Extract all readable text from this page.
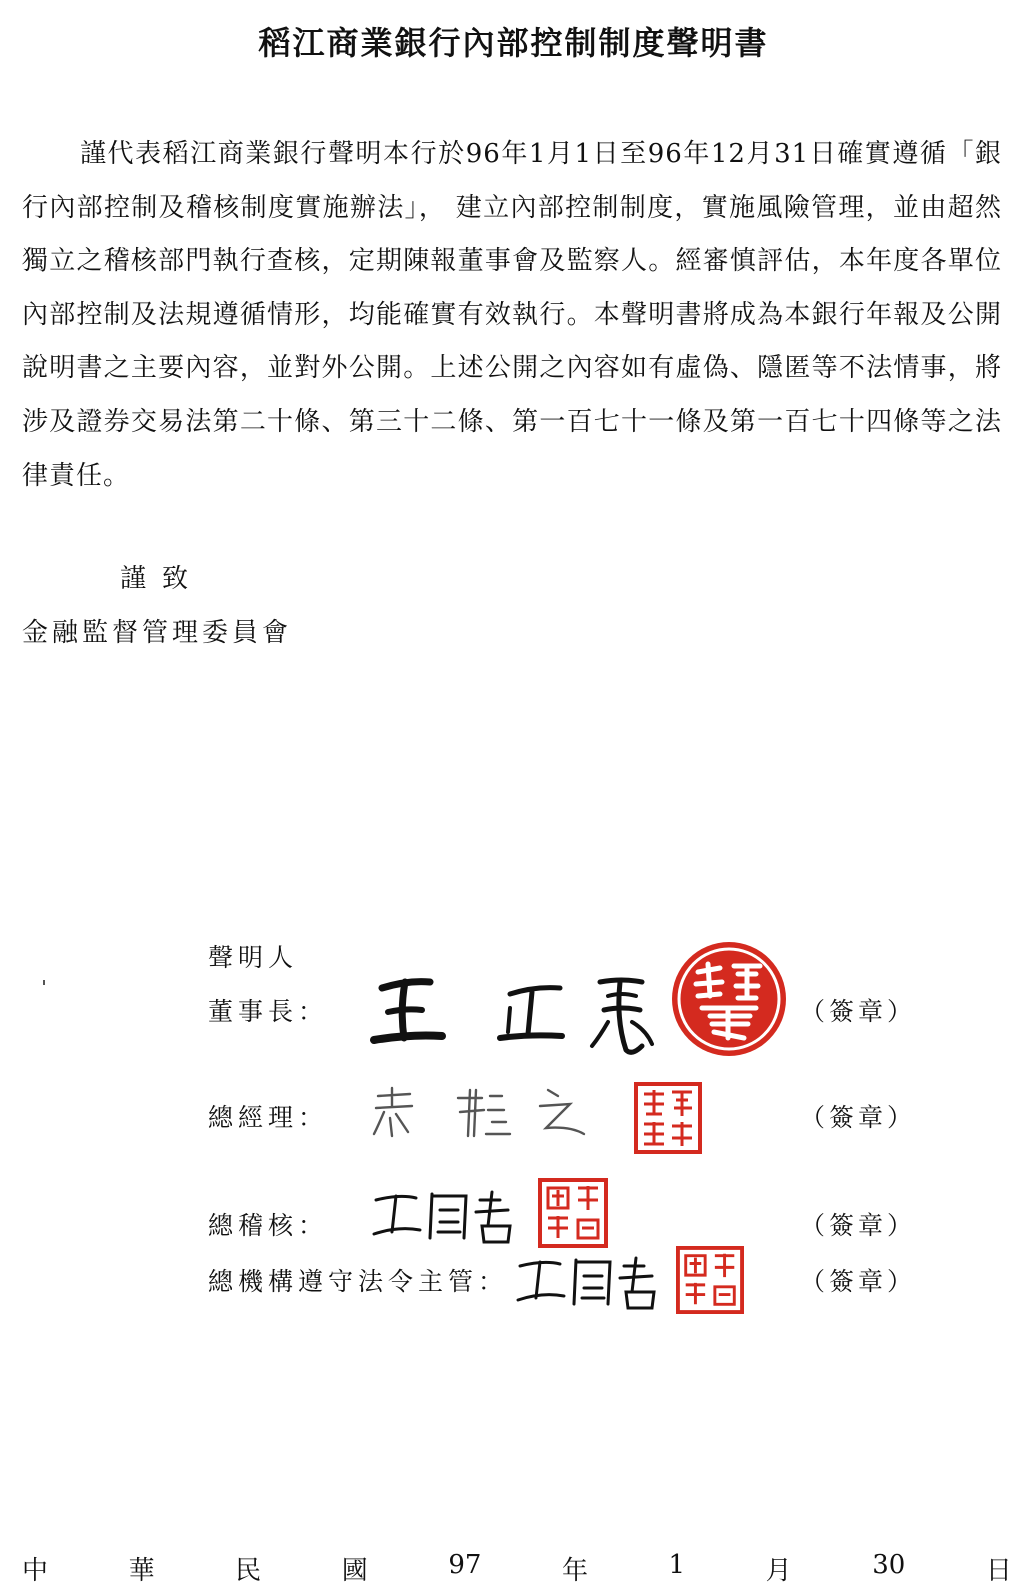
稻江商業銀行內部控制制度聲明書

謹代表稻江商業銀行聲明本行於96年1月1日至96年12月31日確實遵循「銀行內部控制及稽核制度實施辦法」， 建立內部控制制度，實施風險管理，並由超然獨立之稽核部門執行查核，定期陳報董事會及監察人。經審慎評估，本年度各單位內部控制及法規遵循情形，均能確實有效執行。本聲明書將成為本銀行年報及公開說明書之主要內容，並對外公開。上述公開之內容如有虛偽、隱匿等不法情事，將涉及證券交易法第二十條、第三十二條、第一百七十一條及第一百七十四條等之法律責任。

謹致
金融監督管理委員會
聲明人
董事長：	（簽章）
總經理：	（簽章）
總稽核：	（簽章）
總機構遵守法令主管：	（簽章）
中	華	民	國	97	年	1	月	30	日
